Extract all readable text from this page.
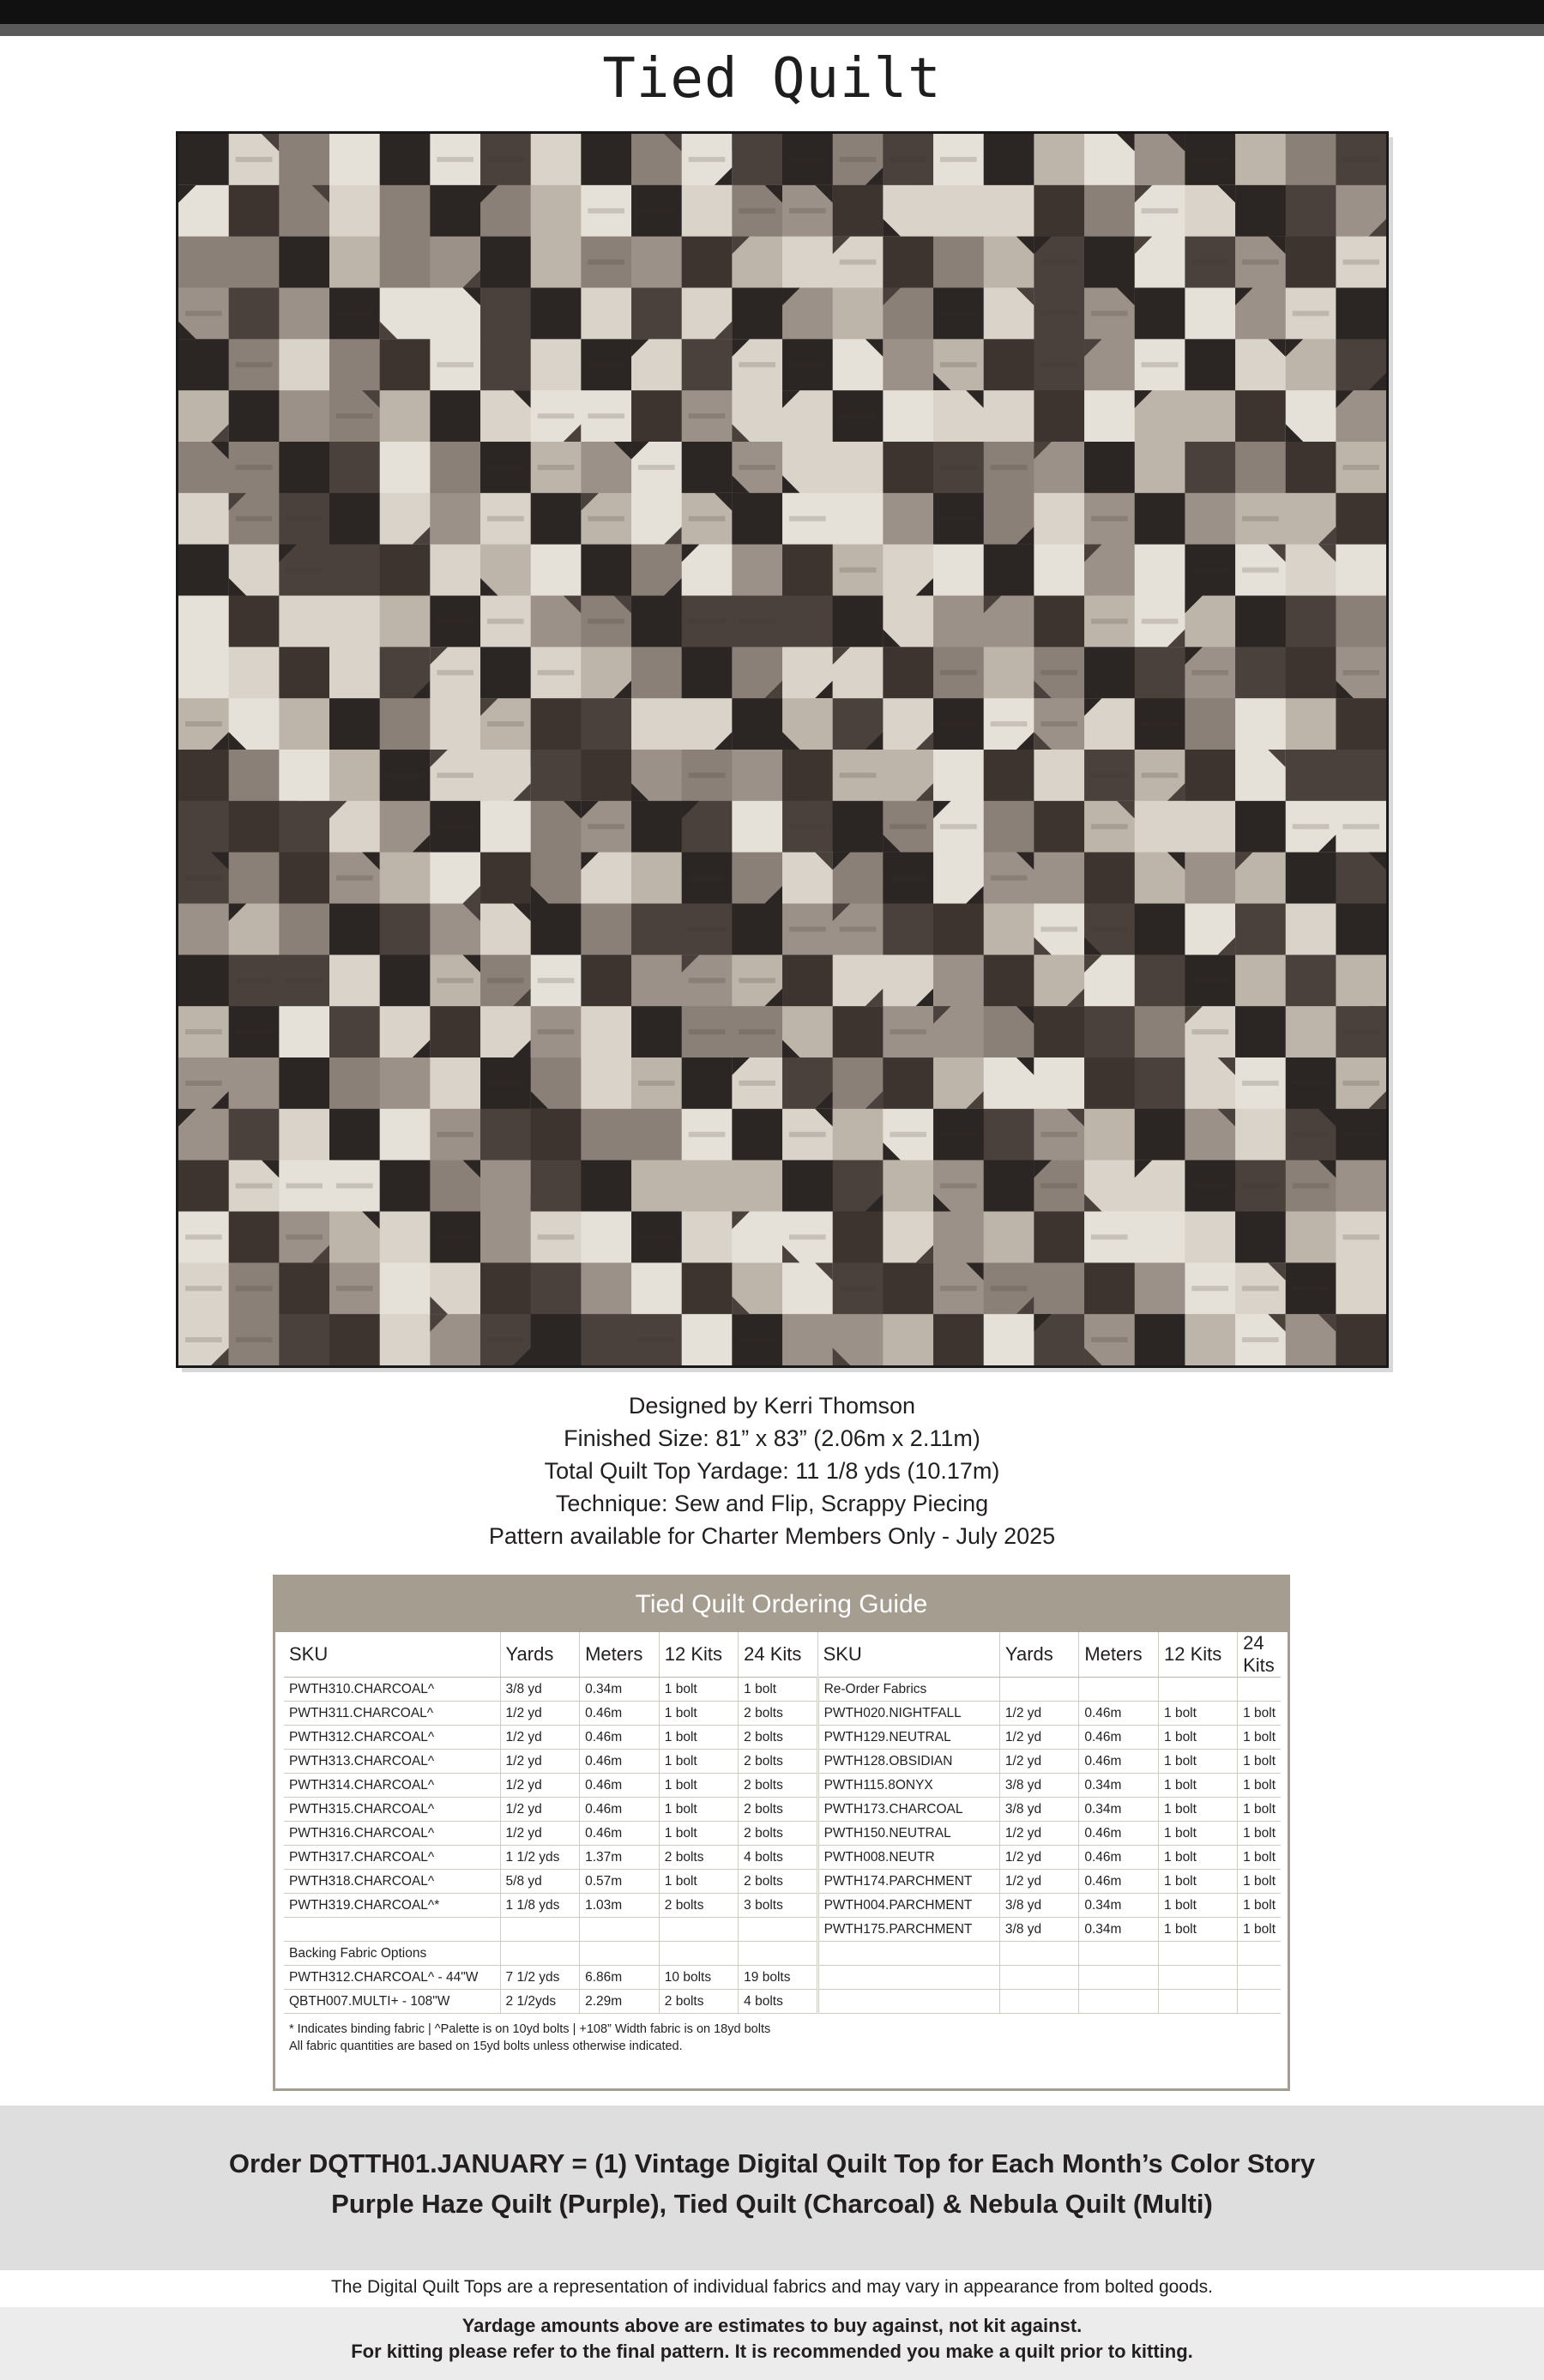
Tied Quilt
Designed by Kerri Thomson
Finished Size: 81” x 83” (2.06m x 2.11m)
Total Quilt Top Yardage: 11 1/8 yds (10.17m)
Technique: Sew and Flip, Scrappy Piecing
Pattern available for Charter Members Only - July 2025
Tied Quilt Ordering Guide
SKU	Yards	Meters	12 Kits	24 Kits	SKU	Yards	Meters	12 Kits	24 Kits
PWTH310.CHARCOAL^	3/8 yd	0.34m	1 bolt	1 bolt	Re-Order Fabrics				
PWTH311.CHARCOAL^	1/2 yd	0.46m	1 bolt	2 bolts	PWTH020.NIGHTFALL	1/2 yd	0.46m	1 bolt	1 bolt
PWTH312.CHARCOAL^	1/2 yd	0.46m	1 bolt	2 bolts	PWTH129.NEUTRAL	1/2 yd	0.46m	1 bolt	1 bolt
PWTH313.CHARCOAL^	1/2 yd	0.46m	1 bolt	2 bolts	PWTH128.OBSIDIAN	1/2 yd	0.46m	1 bolt	1 bolt
PWTH314.CHARCOAL^	1/2 yd	0.46m	1 bolt	2 bolts	PWTH115.8ONYX	3/8 yd	0.34m	1 bolt	1 bolt
PWTH315.CHARCOAL^	1/2 yd	0.46m	1 bolt	2 bolts	PWTH173.CHARCOAL	3/8 yd	0.34m	1 bolt	1 bolt
PWTH316.CHARCOAL^	1/2 yd	0.46m	1 bolt	2 bolts	PWTH150.NEUTRAL	1/2 yd	0.46m	1 bolt	1 bolt
PWTH317.CHARCOAL^	1 1/2 yds	1.37m	2 bolts	4 bolts	PWTH008.NEUTR	1/2 yd	0.46m	1 bolt	1 bolt
PWTH318.CHARCOAL^	5/8 yd	0.57m	1 bolt	2 bolts	PWTH174.PARCHMENT	1/2 yd	0.46m	1 bolt	1 bolt
PWTH319.CHARCOAL^*	1 1/8 yds	1.03m	2 bolts	3 bolts	PWTH004.PARCHMENT	3/8 yd	0.34m	1 bolt	1 bolt
					PWTH175.PARCHMENT	3/8 yd	0.34m	1 bolt	1 bolt
Backing Fabric Options									
PWTH312.CHARCOAL^ - 44"W	7 1/2 yds	6.86m	10 bolts	19 bolts					
QBTH007.MULTI+ - 108"W	2 1/2yds	2.29m	2 bolts	4 bolts					
* Indicates binding fabric | ^Palette is on 10yd bolts | +108” Width fabric is on 18yd bolts
All fabric quantities are based on 15yd bolts unless otherwise indicated.
Order DQTTH01.JANUARY = (1) Vintage Digital Quilt Top for Each Month’s Color Story
Purple Haze Quilt (Purple), Tied Quilt (Charcoal) & Nebula Quilt (Multi)
The Digital Quilt Tops are a representation of individual fabrics and may vary in appearance from bolted goods.
Yardage amounts above are estimates to buy against, not kit against.
For kitting please refer to the final pattern. It is recommended you make a quilt prior to kitting.
